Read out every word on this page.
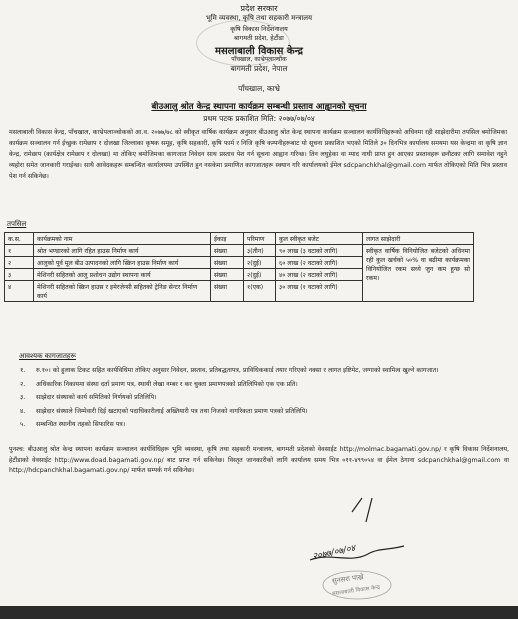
प्रदेश सरकार
भूमि व्यवस्था, कृषि तथा सहकारी मन्त्रालय
कृषि विकास निर्देशनालय
बागमती प्रदेश, हेटौंडा
मसलाबाली विकास केन्द्र
पाँचखाल, काभ्रेपलाञ्चोक
बागमती प्रदेश, नेपाल
पाँचखाल, काभ्रे
बीउआलु श्रोत केन्द्र स्थापना कार्यक्रम सम्बन्धी प्रस्ताव आह्वानको सूचना
प्रथम पटक प्रकाशित मिति: २०७७/०७/०४
मसलाबाली विकास केन्द्र, पाँचखाल, काभ्रेपलाञ्चोकको आ.व. २०७७/७८ को स्वीकृत वार्षिक कार्यक्रम अनुसार बीउआलु श्रोत केन्द्र स्थापना कार्यक्रम सञ्चालन कार्यविधिहरूको अधिनमा रही साझेदारीमा तपसिल बमोजिमका कार्यक्रम सञ्चालन गर्न ईच्छुक रामेछाप र दोलखा जिल्लाका कृषक समूह, कृषि सहकारी, कृषि फार्म र निजि कृषि कम्पनीहरूबाट यो सूचना प्रकाशित भएको मितिले ३० दिनभित्र कार्यालय समयमा यस केन्द्रमा वा कृषि ज्ञान केन्द्र, रामेछाप (कार्यक्षेत्र रामेछाप र दोलखा) मा तोकिए बमोजिमका कागजात निवेदन साथ प्रस्ताव पेश गर्न सूचना आह्वान गरिन्छ। तिन लघुहेका वा म्याद नाघी प्राप्त हुन आएका प्रस्तावहरू छनौटका लागि समावेश नहुने व्यहोरा समेत जानकारी गराईन्छ। साथै आवेदकहरू सम्बन्धित कार्यालयमा उपस्थित हुन नसकेमा प्रमाणित कागजातहरू स्क्यान गरि कार्यालयको ईमेल sdcpanchkhal@gmail.com मार्फत तोकिएको मिति भित्र प्रस्ताव पेश गर्न सकिनेछ।
तपसिल
क.स.	कार्यक्रमको नाम	ईकाइ	परिमाण	कुल स्वीकृत बजेट	लागत साझेदारी
१	श्रोत भण्डारको लागि रहित हाउस निर्माण कार्य	संख्या	३(तीन)	९० लाख (३ वटाको लागि)	स्वीकृत वार्षिक विनियोजित बजेटको अधिनमा रही कुल खर्चको ५०% वा बढीमा कार्यक्रमका विनियोजित रकम सध्ये जुन कम हुन्छ सो रकम।
२	आलुको पूर्व मूल बीउ उत्पादनको लागि स्क्रिन हाउस निर्माण कार्य	संख्या	२(दुई)	६० लाख (२ वटाको लागि)	
३	मेशिनरी सहितको आलु प्रशोधन उद्योग स्थापना कार्य	संख्या	२(दुई)	४० लाख (२ वटाको लागि)	
४	मेशिनरी सहितको स्क्रिन हाउस र इमेरजेन्सी सहितको ट्रेनिङ सेन्टर निर्माण कार्य	संख्या	१(एक)	३० लाख (१ वटाको लागि)	
आवश्यक कागजातहरू
१. रु.१०। को हुलाक टिकट सहित कार्यविधिमा तोकिए अनुसार निवेदन, प्रस्ताव, प्रतिबद्धतापत्र, प्राविधिककार्ड तयार गरिएको नक्सा र लागत इष्टिमेट, जग्गाको स्वामित्व खुल्ने कागजात।
२. अधिकारिक निकायमा संस्था दर्ता प्रमाण पत्र, स्थायी लेखा नम्बर र कर चुक्ता प्रमाणपत्रको प्रतिलिपिको एक एक प्रति।
३. साझेदार संस्थाको कार्य समितिको निर्णयको प्रतिलिपि।
४. साझेदार संस्थाले जिम्मेवारी दिई खटाएको पदाधिकारीलाई अख्तियारी पत्र तथा निजको नागरिकता प्रमाण पत्रको प्रतिलिपि।
५. सम्बन्धित स्थानीय तहको सिफारिस पत्र।
पुनश्च: बीउआलु श्रोत केन्द्र स्थापना कार्यक्रम सञ्चालन कार्यविधिहरू भूमि व्यवस्था, कृषि तथा सहकारी मन्त्रालय, बागमती प्रदेशको वेवसाईट http://molmac.bagamati.gov.np/ र कृषि विकास निर्देशनालय, हेटौंडाको वेवसाईट http://www.doad.bagamati.gov.np/ बाट प्राप्त गर्न सकिनेछ। विस्तृत जानकारीको लागि कार्यालय समय भित्र ०११-४९९०५४ वा ईमेल ठेगाना sdcpanchkhal@gmail.com वा http://hdcpanchkhal.bagamati.gov.np/ मार्फत सम्पर्क गर्न सकिनेछ।
२०७७/०७/०४
सुनसरा पाख्रे
मसलाबाली विकास केन्द्र
